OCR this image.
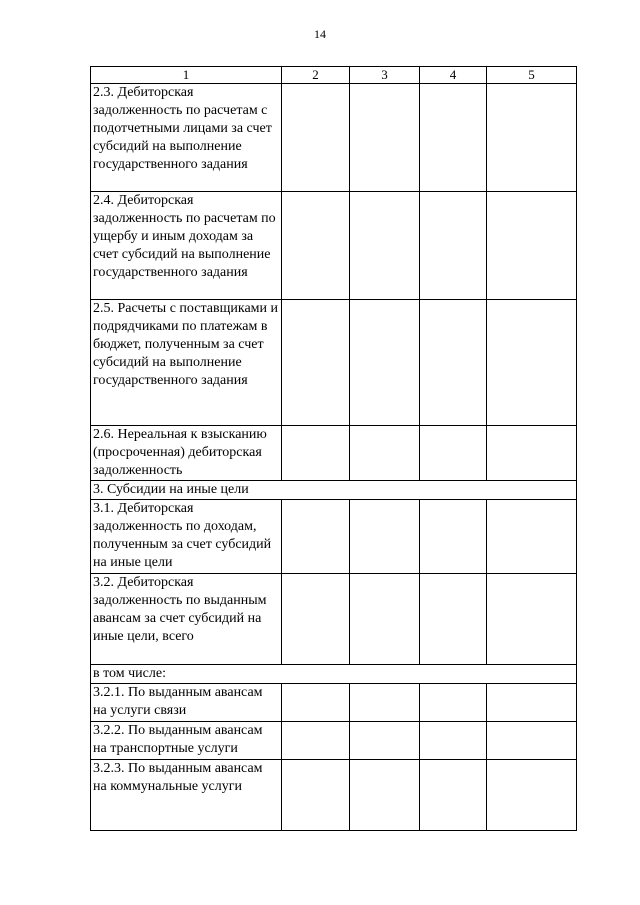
14
1	2	3	4	5
2.3. Дебиторская задолженность по расчетам с подотчетными лицами за счет субсидий на выполнение государственного задания				
2.4. Дебиторская задолженность по расчетам по ущербу и иным доходам за счет субсидий на выполнение государственного задания				
2.5. Расчеты с поставщиками и подрядчиками по платежам в бюджет, полученным за счет субсидий на выполнение государственного задания				
2.6. Нереальная к взысканию (просроченная) дебиторская задолженность				
3. Субсидии на иные цели				
3.1. Дебиторская задолженность по доходам, полученным за счет субсидий на иные цели				
3.2. Дебиторская задолженность по выданным авансам за счет субсидий на иные цели, всего				
в том числе:				
3.2.1. По выданным авансам на услуги связи				
3.2.2. По выданным авансам на транспортные услуги				
3.2.3. По выданным авансам на коммунальные услуги				
